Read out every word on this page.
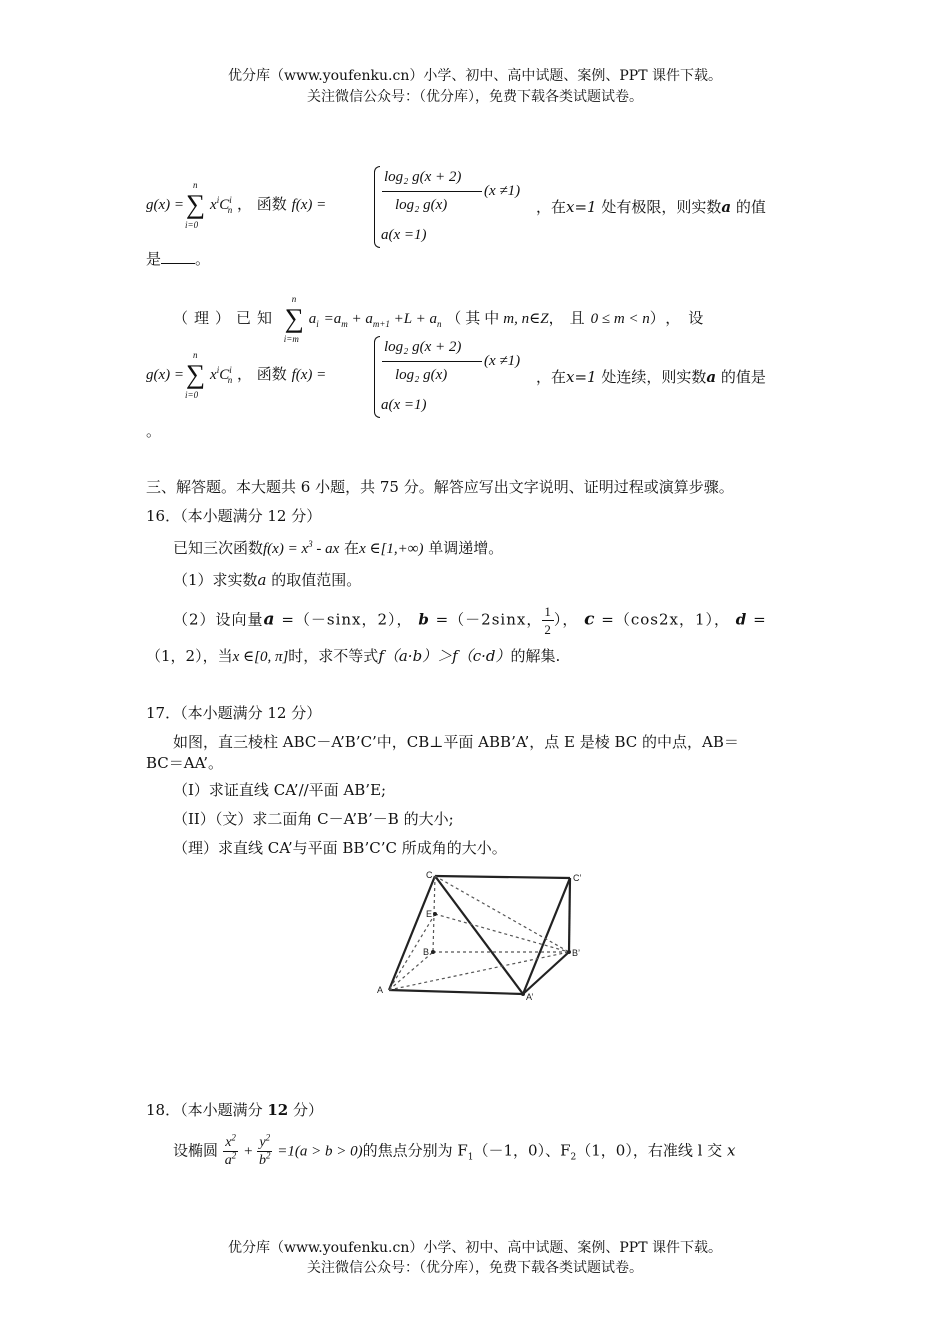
优分库（www.youfenku.cn）小学、初中、高中试题、案例、PPT 课件下载。
关注微信公众号：（优分库），免费下载各类试题试卷。
g(x) =
n
∑
i=0
$x^iC^i_n$ ， 函数 f(x) =
log₂ g(x + 2)
log₂ g(x)
(x ≠1)
a(x =1)
，在x=1 处有极限，则实数a 的值
是 。
（理）已知
n
∑
i=m
$a_i =a_m + a_{m+1} +L + a_n$ （其中m, n∈Z，且0 ≤ m < n），设
g(x) =
n
∑
i=0
$x^iC^i_n$ ， 函数 f(x) =
log₂ g(x + 2)
log₂ g(x)
(x ≠1)
a(x =1)
，在x=1 处连续，则实数a 的值是
。
三、解答题。本大题共 6 小题，共 75 分。解答应写出文字说明、证明过程或演算步骤。
16．（本小题满分 12 分）
已知三次函数$f(x) = x^3$ - ax 在x ∈[1,+∞) 单调递增。
（1）求实数a 的取值范围。
（2）设向量a =（－sinx，2）， b =（－2sinx， $\frac{1}{2}$ ）， c =（cos2x，1）， d =
（1，2），当x ∈[0, π]时，求不等式f（a·b）＞f（c·d）的解集.
17．（本小题满分 12 分）
如图，直三棱柱 ABC－A’B’C’中，CB⊥平面 ABB’A’，点 E 是棱 BC 的中点，AB＝
BC＝AA’。
（I）求证直线 CA’//平面 AB’E;
（II）（文）求二面角 C－A’B’－B 的大小;
（理）求直线 CA’与平面 BB’C’C 所成角的大小。
C	C’
E
B	B’
A
A’
18．（本小题满分 12 分）
设椭圆 $\frac{x^2}{a^2} + \frac{y^2}{b^2} =1(a > b > 0)$的焦点分别为 $F_1(-1$，0）、$F_2(1$，0），右准线 l 交 x
优分库（www.youfenku.cn）小学、初中、高中试题、案例、PPT 课件下载。
关注微信公众号：（优分库），免费下载各类试题试卷。
